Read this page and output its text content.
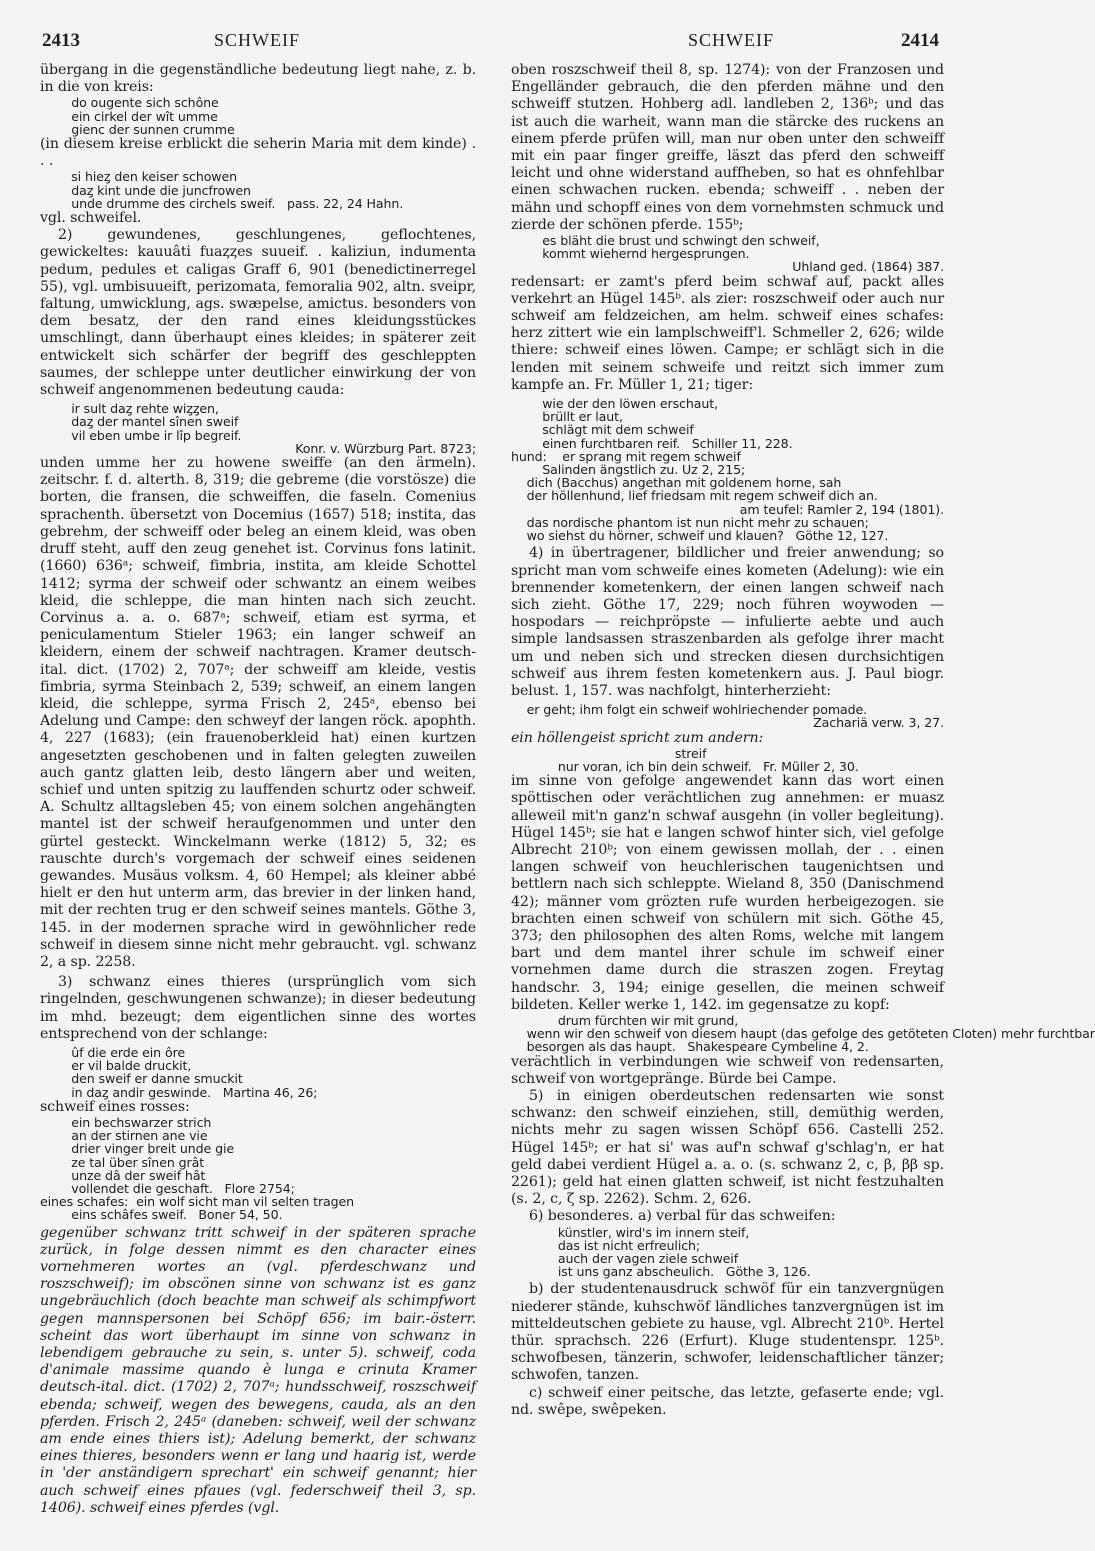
2413	SCHWEIF	SCHWEIF	2414

übergang in die gegenständliche bedeutung liegt nahe, z. b. in die von kreis:

do ougente sich schône

ein cirkel der wît umme

gienc der sunnen crumme

(in diesem kreise erblickt die seherin Maria mit dem kinde) . . .

si hieȥ den keiser schowen

daȥ kint unde die juncfrowen

unde drumme des circhels sweif.   pass. 22, 24 Hahn.

vgl. schweifel.

2) gewundenes, geschlungenes, geflochtenes, gewickeltes: kauuâti fuaȥȥes suueif. . kaliziun, indumenta pedum, pedules et caligas Graff 6, 901 (benedictinerregel 55), vgl. umbisuueift, perizomata, femoralia 902, altn. sveipr, faltung, umwicklung, ags. swæpelse, amictus. besonders von dem besatz, der den rand eines kleidungsstückes umschlingt, dann überhaupt eines kleides; in späterer zeit entwickelt sich schärfer der begriff des geschleppten saumes, der schleppe unter deutlicher einwirkung der von schweif angenommenen bedeutung cauda:

ir sult daȥ rehte wiȥȥen,

daȥ der mantel sînen sweif

vil eben umbe ir lîp begreif.

Konr. v. Würzburg Part. 8723;

unden umme her zu howene sweiffe (an den ärmeln). zeitschr. f. d. alterth. 8, 319; die gebreme (die vorstösze) die borten, die fransen, die schweiffen, die faseln. Comenius sprachenth. übersetzt von Docemius (1657) 518; instita, das gebrehm, der schweiff oder beleg an einem kleid, was oben druff steht, auff den zeug genehet ist. Corvinus fons latinit. (1660) 636ᵃ; schweif, fimbria, instita, am kleide Schottel 1412; syrma der schweif oder schwantz an einem weibes kleid, die schleppe, die man hinten nach sich zeucht. Corvinus a. a. o. 687ᵃ; schweif, etiam est syrma, et peniculamentum Stieler 1963; ein langer schweif an kleidern, einem der schweif nachtragen. Kramer deutsch-ital. dict. (1702) 2, 707ᵃ; der schweiff am kleide, vestis fimbria, syrma Steinbach 2, 539; schweif, an einem langen kleid, die schleppe, syrma Frisch 2, 245ᵃ, ebenso bei Adelung und Campe: den schweyf der langen röck. apophth. 4, 227 (1683); (ein frauenoberkleid hat) einen kurtzen angesetzten geschobenen und in falten gelegten zuweilen auch gantz glatten leib, desto längern aber und weiten, schief und unten spitzig zu lauffenden schurtz oder schweif. A. Schultz alltagsleben 45; von einem solchen angehängten mantel ist der schweif heraufgenommen und unter den gürtel gesteckt. Winckelmann werke (1812) 5, 32; es rauschte durch's vorgemach der schweif eines seidenen gewandes. Musäus volksm. 4, 60 Hempel; als kleiner abbé hielt er den hut unterm arm, das brevier in der linken hand, mit der rechten trug er den schweif seines mantels. Göthe 3, 145. in der modernen sprache wird in gewöhnlicher rede schweif in diesem sinne nicht mehr gebraucht. vgl. schwanz 2, a sp. 2258.

3) schwanz eines thieres (ursprünglich vom sich ringelnden, geschwungenen schwanze); in dieser bedeutung im mhd. bezeugt; dem eigentlichen sinne des wortes entsprechend von der schlange:

ûf die erde ein ôre

er vil balde druckit,

den sweif er danne smuckit

in daȥ andir geswinde.   Martina 46, 26;

schweif eines rosses:

ein bechswarzer strich

an der stirnen ane vie

drier vinger breit unde gie

ze tal über sînen grât

unze dâ der sweif hât

vollendet die geschaft.   Flore 2754;

eines schafes:  ein wolf sicht man vil selten tragen

eins schâfes sweif.   Boner 54, 50.

gegenüber schwanz tritt schweif in der späteren sprache zurück, in folge dessen nimmt es den character eines vornehmeren wortes an (vgl. pferdeschwanz und roszschweif); im obscönen sinne von schwanz ist es ganz ungebräuchlich (doch beachte man schweif als schimpfwort gegen mannspersonen bei Schöpf 656; im bair.-österr. scheint das wort überhaupt im sinne von schwanz in lebendigem gebrauche zu sein, s. unter 5). schweif, coda d'animale massime quando è lunga e crinuta Kramer deutsch-ital. dict. (1702) 2, 707ᵃ; hundsschweif, roszschweif ebenda; schweif, wegen des bewegens, cauda, als an den pferden. Frisch 2, 245ᵃ (daneben: schweif, weil der schwanz am ende eines thiers ist); Adelung bemerkt, der schwanz eines thieres, besonders wenn er lang und haarig ist, werde in 'der anständigern sprechart' ein schweif genannt; hier auch schweif eines pfaues (vgl. federschweif theil 3, sp. 1406). schweif eines pferdes (vgl.

oben roszschweif theil 8, sp. 1274): von der Franzosen und Engelländer gebrauch, die den pferden mähne und den schweiff stutzen. Hohberg adl. landleben 2, 136ᵇ; und das ist auch die warheit, wann man die stärcke des ruckens an einem pferde prüfen will, man nur oben unter den schweiff mit ein paar finger greiffe, läszt das pferd den schweiff leicht und ohne widerstand auffheben, so hat es ohnfehlbar einen schwachen rucken. ebenda; schweiff . . neben der mähn und schopff eines von dem vornehmsten schmuck und zierde der schönen pferde. 155ᵇ;

es bläht die brust und schwingt den schweif,

kommt wiehernd hergesprungen.

Uhland ged. (1864) 387.

redensart: er zamt's pferd beim schwaf auf, packt alles verkehrt an Hügel 145ᵇ. als zier: roszschweif oder auch nur schweif am feldzeichen, am helm. schweif eines schafes: herz zittert wie ein lamplschweiff'l. Schmeller 2, 626; wilde thiere: schweif eines löwen. Campe; er schlägt sich in die lenden mit seinem schweife und reitzt sich immer zum kampfe an. Fr. Müller 1, 21; tiger:

wie der den löwen erschaut,

brüllt er laut,

schlägt mit dem schweif

einen furchtbaren reif.   Schiller 11, 228.

hund:    er sprang mit regem schweif

Salinden ängstlich zu. Uz 2, 215;

dich (Bacchus) angethan mit goldenem horne, sah

der höllenhund, lief friedsam mit regem schweif dich an.

am teufel: Ramler 2, 194 (1801).

das nordische phantom ist nun nicht mehr zu schauen;

wo siehst du hörner, schweif und klauen?   Göthe 12, 127.

4) in übertragener, bildlicher und freier anwendung; so spricht man vom schweife eines kometen (Adelung): wie ein brennender kometenkern, der einen langen schweif nach sich zieht. Göthe 17, 229; noch führen woywoden — hospodars — reichpröpste — infulierte aebte und auch simple landsassen straszenbarden als gefolge ihrer macht um und neben sich und strecken diesen durchsichtigen schweif aus ihrem festen kometenkern aus. J. Paul biogr. belust. 1, 157. was nachfolgt, hinterherzieht:

er geht; ihm folgt ein schweif wohlriechender pomade.

Zachariä verw. 3, 27.

ein höllengeist spricht zum andern:

streif

nur voran, ich bin dein schweif.   Fr. Müller 2, 30.

im sinne von gefolge angewendet kann das wort einen spöttischen oder verächtlichen zug annehmen: er muasz alleweil mit'n ganz'n schwaf ausgehn (in voller begleitung). Hügel 145ᵇ; sie hat e langen schwof hinter sich, viel gefolge Albrecht 210ᵇ; von einem gewissen mollah, der . . einen langen schweif von heuchlerischen taugenichtsen und bettlern nach sich schleppte. Wieland 8, 350 (Danischmend 42); männer vom grözten rufe wurden herbeigezogen. sie brachten einen schweif von schülern mit sich. Göthe 45, 373; den philosophen des alten Roms, welche mit langem bart und dem mantel ihrer schule im schweif einer vornehmen dame durch die straszen zogen. Freytag handschr. 3, 194; einige gesellen, die meinen schweif bildeten. Keller werke 1, 142. im gegensatze zu kopf:

drum fürchten wir mit grund,

wenn wir den schweif von diesem haupt (das gefolge des getöteten Cloten) mehr furchtbar

besorgen als das haupt.   Shakespeare Cymbeline 4, 2.

verächtlich in verbindungen wie schweif von redensarten, schweif von wortgepränge. Bürde bei Campe.

5) in einigen oberdeutschen redensarten wie sonst schwanz: den schweif einziehen, still, demüthig werden, nichts mehr zu sagen wissen Schöpf 656. Castelli 252. Hügel 145ᵇ; er hat si' was auf'n schwaf g'schlag'n, er hat geld dabei verdient Hügel a. a. o. (s. schwanz 2, c, β, ββ sp. 2261); geld hat einen glatten schweif, ist nicht festzuhalten (s. 2, c, ζ sp. 2262). Schm. 2, 626.

6) besonderes. a) verbal für das schweifen:

künstler, wird's im innern steif,

das ist nicht erfreulich;

auch der vagen ziele schweif

ist uns ganz abscheulich.   Göthe 3, 126.

b) der studentenausdruck schwöf für ein tanzvergnügen niederer stände, kuhschwöf ländliches tanzvergnügen ist im mitteldeutschen gebiete zu hause, vgl. Albrecht 210ᵇ. Hertel thür. sprachsch. 226 (Erfurt). Kluge studentenspr. 125ᵇ. schwofbesen, tänzerin, schwofer, leidenschaftlicher tänzer; schwofen, tanzen.

c) schweif einer peitsche, das letzte, gefaserte ende; vgl. nd. swêpe, swêpeken.
